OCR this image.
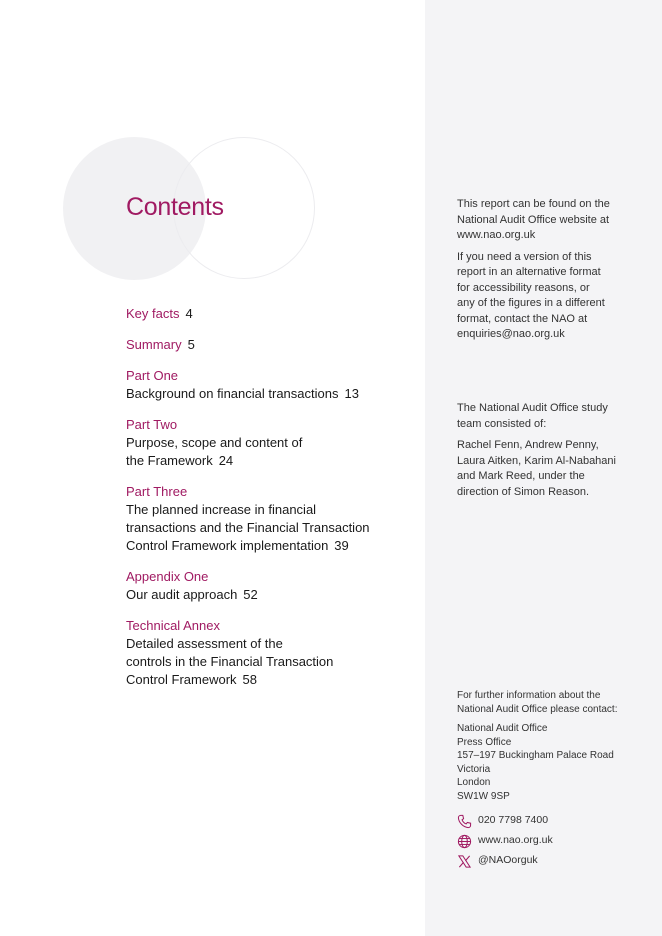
Contents
Key facts 4
Summary 5
Part One
Background on financial transactions 13
Part Two
Purpose, scope and content of
the Framework 24
Part Three
The planned increase in financial
transactions and the Financial Transaction
Control Framework implementation 39
Appendix One
Our audit approach 52
Technical Annex
Detailed assessment of the
controls in the Financial Transaction
Control Framework 58

This report can be found on the
National Audit Office website at
www.nao.org.uk

If you need a version of this
report in an alternative format
for accessibility reasons, or
any of the figures in a different
format, contact the NAO at
enquiries@nao.org.uk

The National Audit Office study
team consisted of:

Rachel Fenn, Andrew Penny,
Laura Aitken, Karim Al-Nabahani
and Mark Reed, under the
direction of Simon Reason.

For further information about the
National Audit Office please contact:

National Audit Office
Press Office
157–197 Buckingham Palace Road
Victoria
London
SW1W 9SP

020 7798 7400
www.nao.org.uk
@NAOorguk
